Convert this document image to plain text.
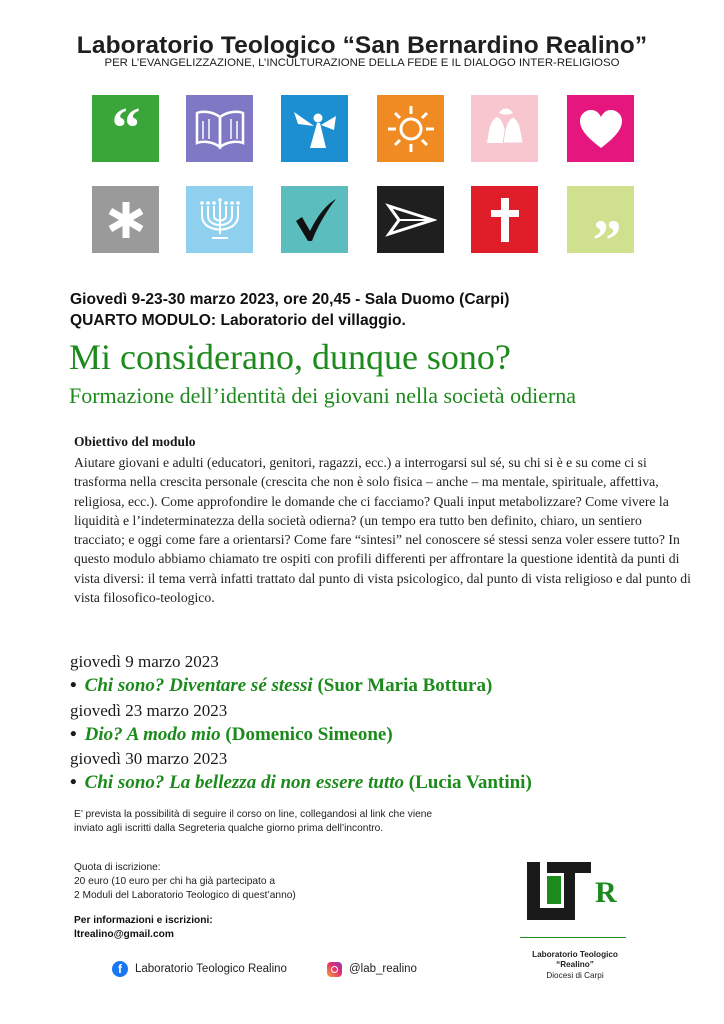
Laboratorio Teologico “San Bernardino Realino”
PER L’EVANGELIZZAZIONE, L’INCULTURAZIONE DELLA FEDE E IL DIALOGO INTER-RELIGIOSO
“
”
Giovedì 9-23-30 marzo 2023, ore 20,45 - Sala Duomo (Carpi)
QUARTO MODULO: Laboratorio del villaggio.
Mi considerano, dunque sono?
Formazione dell’identità dei giovani nella società odierna
Obiettivo del modulo
Aiutare giovani e adulti (educatori, genitori, ragazzi, ecc.) a interrogarsi sul sé, su chi si è e su come ci si trasforma nella crescita personale (crescita che non è solo fisica – anche – ma mentale, spirituale, affettiva, religiosa, ecc.). Come approfondire le domande che ci facciamo? Quali input metabolizzare? Come vivere la liquidità e l’indeterminatezza della società odierna? (un tempo era tutto ben definito, chiaro, un sentiero tracciato; e oggi come fare a orientarsi? Come fare “sintesi” nel conoscere sé stessi senza voler essere tutto? In questo modulo abbiamo chiamato tre ospiti con profili differenti per affrontare la questione identità da punti di vista diversi: il tema verrà infatti trattato dal punto di vista psicologico, dal punto di vista religioso e dal punto di vista filosofico-teologico.
giovedì 9 marzo 2023
• Chi sono? Diventare sé stessi (Suor Maria Bottura)
giovedì 23 marzo 2023
• Dio? A modo mio (Domenico Simeone)
giovedì 30 marzo 2023
• Chi sono? La bellezza di non essere tutto (Lucia Vantini)
E’ prevista la possibilità di seguire il corso on line, collegandosi al link che viene inviato agli iscritti dalla Segreteria qualche giorno prima dell’incontro.
Quota di iscrizione:
20 euro (10 euro per chi ha già partecipato a
2 Moduli del Laboratorio Teologico di quest’anno)
Per informazioni e iscrizioni:
ltrealino@gmail.com
f	Laboratorio Teologico Realino	@lab_realino
R
Laboratorio Teologico
“Realino”
Diocesi di Carpi
